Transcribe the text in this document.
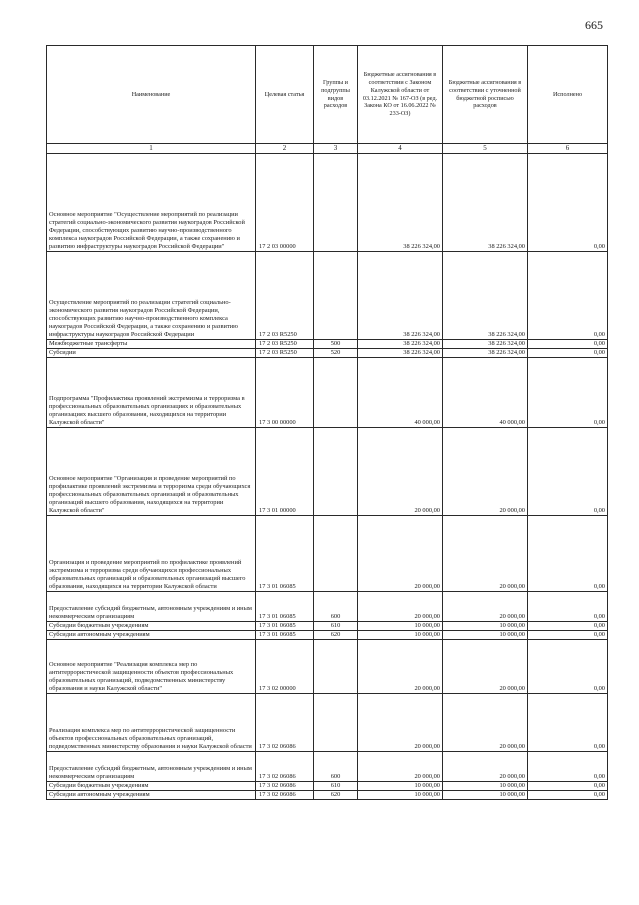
665
Наименование	Целевая статья	Группы и подгруппы видов расходов	Бюджетные ассигнования в соответствии с Законом Калужской области от 03.12.2021 № 167-ОЗ (в ред. Закона КО от 16.06.2022 № 233-ОЗ)	Бюджетные ассигнования в соответствии с уточненной бюджетной росписью расходов	Исполнено
1	2	3	4	5	6
Основное мероприятие "Осуществление мероприятий по реализации стратегий социально-экономического развития наукоградов Российской Федерации, способствующих развитию научно-производственного комплекса наукоградов Российской Федерации, а также сохранению и развитию инфраструктуры наукоградов Российской Федерации"	17 2 03 00000		38 226 324,00	38 226 324,00	0,00
Осуществление мероприятий по реализации стратегий социально-экономического развития наукоградов Российской Федерации, способствующих развитию научно-производственного комплекса наукоградов Российской Федерации, а также сохранению и развитию инфраструктуры наукоградов Российской Федерации	17 2 03 R5250		38 226 324,00	38 226 324,00	0,00
Межбюджетные трансферты	17 2 03 R5250	500	38 226 324,00	38 226 324,00	0,00
Субсидии	17 2 03 R5250	520	38 226 324,00	38 226 324,00	0,00
Подпрограмма "Профилактика проявлений экстремизма и терроризма в профессиональных образовательных организациях и образовательных организациях высшего образования, находящихся на территории Калужской области"	17 3 00 00000		40 000,00	40 000,00	0,00
Основное мероприятие "Организация и проведение мероприятий по профилактике проявлений экстремизма и терроризма среди обучающихся профессиональных образовательных организаций и образовательных организаций высшего образования, находящихся на территории Калужской области"	17 3 01 00000		20 000,00	20 000,00	0,00
Организация и проведение мероприятий по профилактике проявлений экстремизма и терроризма среди обучающихся профессиональных образовательных организаций и образовательных организаций высшего образования, находящихся на территории Калужской области	17 3 01 06085		20 000,00	20 000,00	0,00
Предоставление субсидий бюджетным, автономным учреждениям и иным некоммерческим организациям	17 3 01 06085	600	20 000,00	20 000,00	0,00
Субсидии бюджетным учреждениям	17 3 01 06085	610	10 000,00	10 000,00	0,00
Субсидии автономным учреждениям	17 3 01 06085	620	10 000,00	10 000,00	0,00
Основное мероприятие "Реализация комплекса мер по антитеррористической защищенности объектов профессиональных образовательных организаций, подведомственных министерству образования и науки Калужской области"	17 3 02 00000		20 000,00	20 000,00	0,00
Реализация комплекса мер по антитеррористической защищенности объектов профессиональных образовательных организаций, подведомственных министерству образования и науки Калужской области	17 3 02 06086		20 000,00	20 000,00	0,00
Предоставление субсидий бюджетным, автономным учреждениям и иным некоммерческим организациям	17 3 02 06086	600	20 000,00	20 000,00	0,00
Субсидии бюджетным учреждениям	17 3 02 06086	610	10 000,00	10 000,00	0,00
Субсидии автономным учреждениям	17 3 02 06086	620	10 000,00	10 000,00	0,00
